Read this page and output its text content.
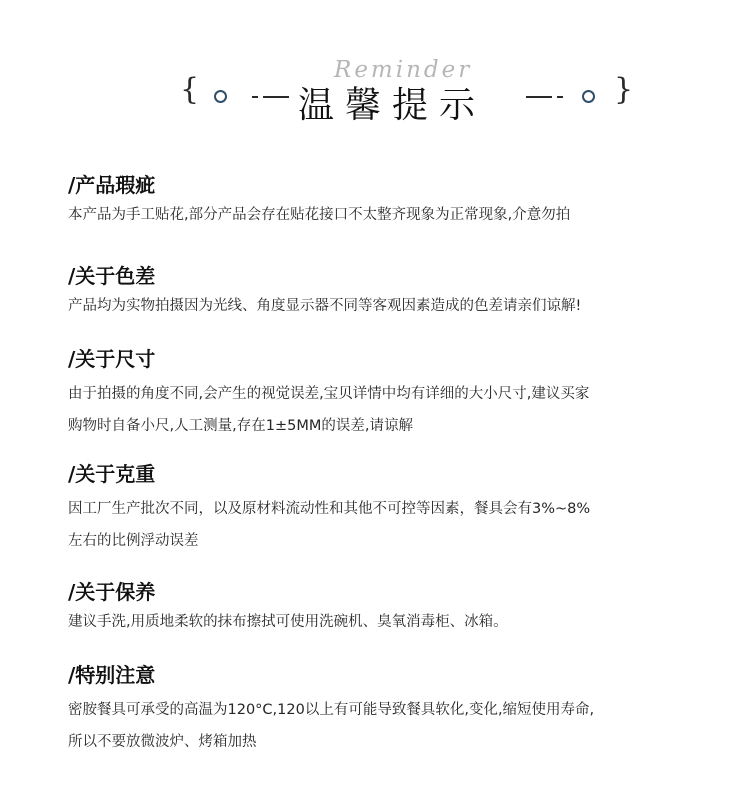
{
Reminder
温馨提示	}
/产品瑕疵
本产品为手工贴花,部分产品会存在贴花接口不太整齐现象为正常现象,介意勿拍
/关于色差
产品均为实物拍摄因为光线、角度显示器不同等客观因素造成的色差请亲们谅解!
/关于尺寸
由于拍摄的角度不同,会产生的视觉误差,宝贝详情中均有详细的大小尺寸,建议买家
购物时自备小尺,人工测量,存在1±5MM的误差,请谅解
/关于克重
因工厂生产批次不同，以及原材料流动性和其他不可控等因素，餐具会有3%~8%
左右的比例浮动误差
/关于保养
建议手洗,用质地柔软的抹布擦拭可使用洗碗机、臭氧消毒柜、冰箱。
/特别注意
密胺餐具可承受的高温为120°C,120以上有可能导致餐具软化,变化,缩短使用寿命,
所以不要放微波炉、烤箱加热
